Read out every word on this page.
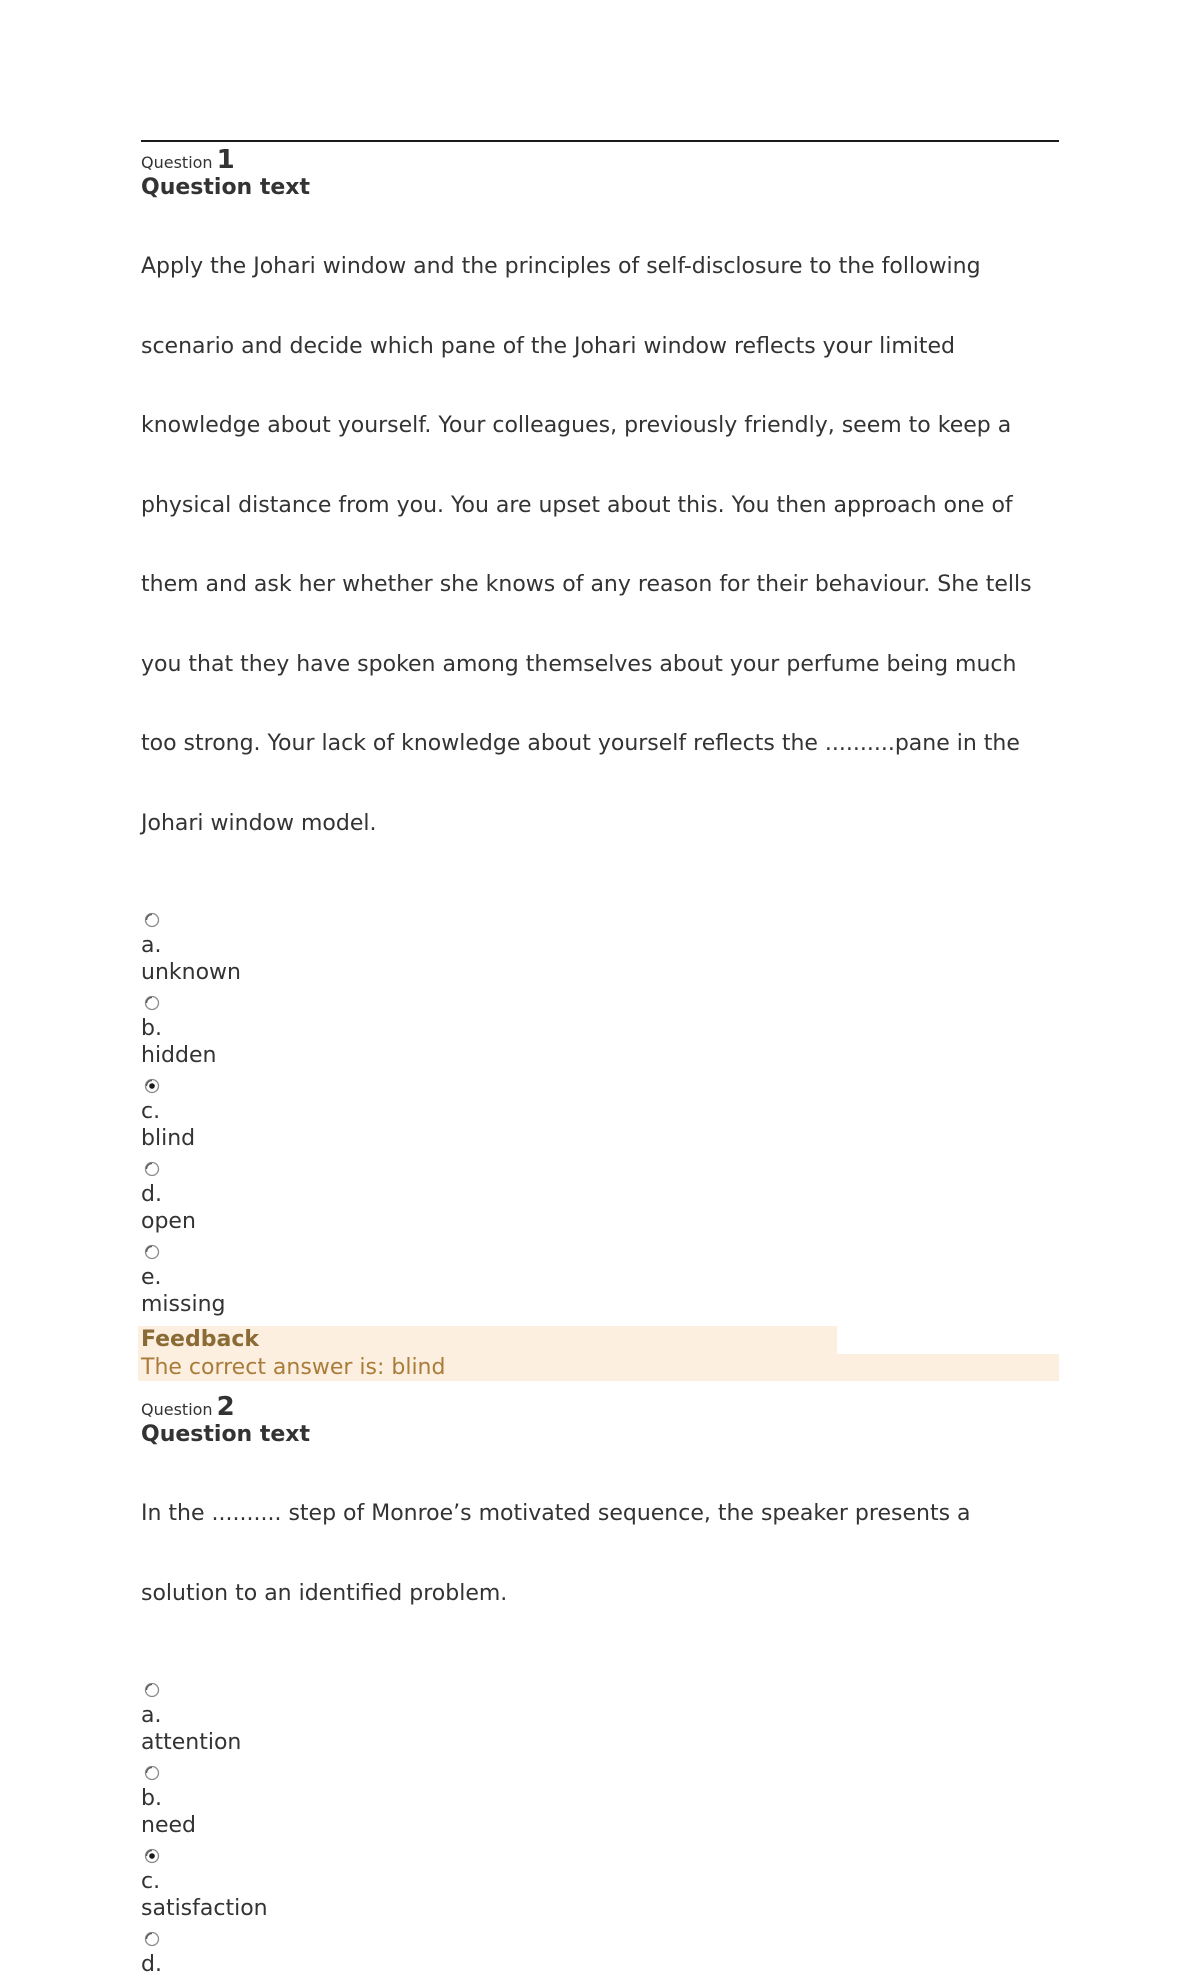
Question 1
Question text

Apply the Johari window and the principles of self-disclosure to the following

scenario and decide which pane of the Johari window reflects your limited

knowledge about yourself. Your colleagues, previously friendly, seem to keep a

physical distance from you. You are upset about this. You then approach one of

them and ask her whether she knows of any reason for their behaviour. She tells

you that they have spoken among themselves about your perfume being much

too strong. Your lack of knowledge about yourself reflects the ..........pane in the

Johari window model.

a.
unknown
b.
hidden
c.
blind
d.
open
e.
missing
Feedback
The correct answer is: blind
Question 2
Question text

In the .......... step of Monroe’s motivated sequence, the speaker presents a

solution to an identified problem.

a.
attention
b.
need
c.
satisfaction
d.
